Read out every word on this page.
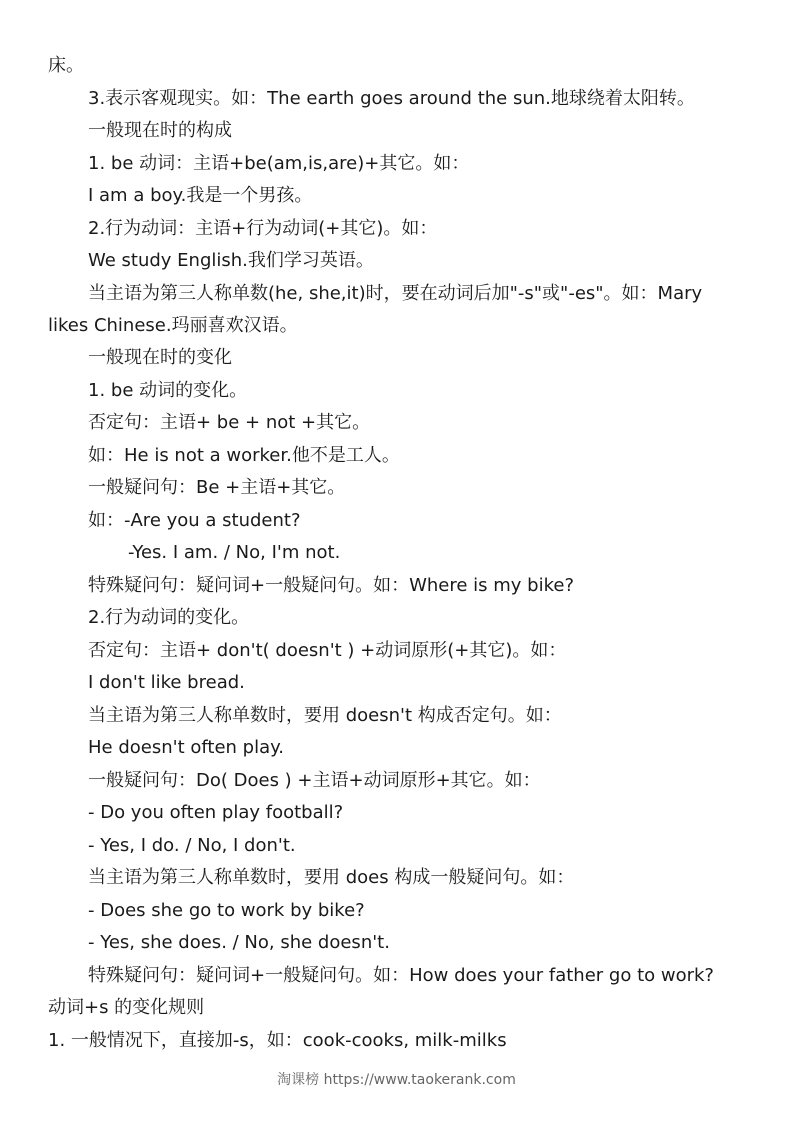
床。
3.表示客观现实。如：The earth goes around the sun.地球绕着太阳转。
一般现在时的构成
1. be 动词：主语+be(am,is,are)+其它。如：
I am a boy.我是一个男孩。
2.行为动词：主语+行为动词(+其它)。如：
We study English.我们学习英语。
当主语为第三人称单数(he, she,it)时，要在动词后加"-s"或"-es"。如：Mary
likes Chinese.玛丽喜欢汉语。
一般现在时的变化
1. be 动词的变化。
否定句：主语+ be + not +其它。
如：He is not a worker.他不是工人。
一般疑问句：Be +主语+其它。
如：-Are you a student?
-Yes. I am. / No, I'm not.
特殊疑问句：疑问词+一般疑问句。如：Where is my bike?
2.行为动词的变化。
否定句：主语+ don't( doesn't ) +动词原形(+其它)。如：
I don't like bread.
当主语为第三人称单数时，要用 doesn't 构成否定句。如：
He doesn't often play.
一般疑问句：Do( Does ) +主语+动词原形+其它。如：
- Do you often play football?
- Yes, I do. / No, I don't.
当主语为第三人称单数时，要用 does 构成一般疑问句。如：
- Does she go to work by bike?
- Yes, she does. / No, she doesn't.
特殊疑问句：疑问词+一般疑问句。如：How does your father go to work?
动词+s 的变化规则
1. 一般情况下，直接加-s，如：cook-cooks, milk-milks
淘课榜 https://www.taokerank.com
